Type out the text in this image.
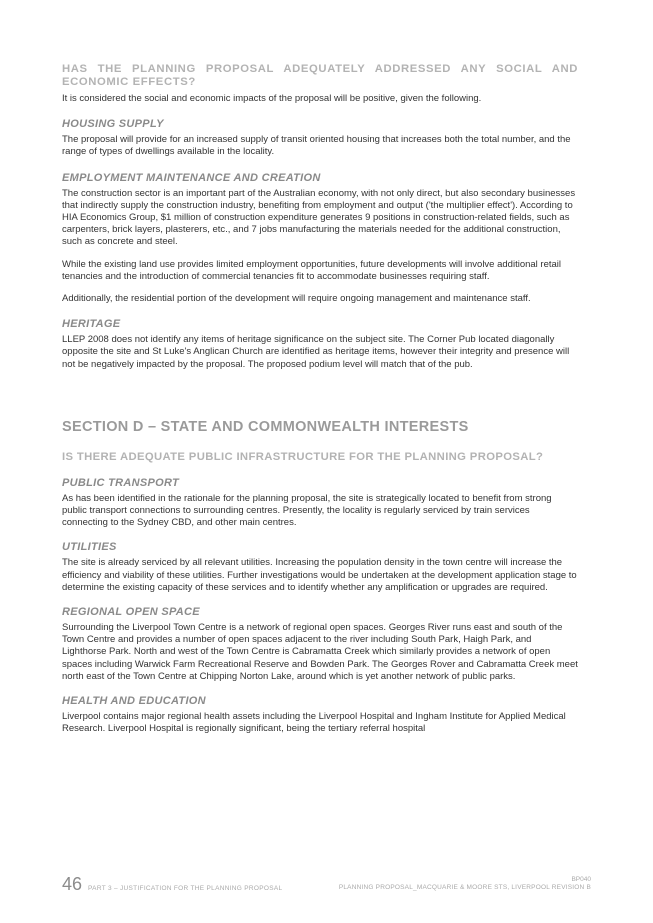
HAS THE PLANNING PROPOSAL ADEQUATELY ADDRESSED ANY SOCIAL AND ECONOMIC EFFECTS?

It is considered the social and economic impacts of the proposal will be positive, given the following.

HOUSING SUPPLY

The proposal will provide for an increased supply of transit oriented housing that increases both the total number, and the range of types of dwellings available in the locality.

EMPLOYMENT MAINTENANCE AND CREATION

The construction sector is an important part of the Australian economy, with not only direct, but also secondary businesses that indirectly supply the construction industry, benefiting from employment and output ('the multiplier effect'). According to HIA Economics Group, $1 million of construction expenditure generates 9 positions in construction-related fields, such as carpenters, brick layers, plasterers, etc., and 7 jobs manufacturing the materials needed for the additional construction, such as concrete and steel.

While the existing land use provides limited employment opportunities, future developments will involve additional retail tenancies and the introduction of commercial tenancies fit to accommodate businesses requiring staff.

Additionally, the residential portion of the development will require ongoing management and maintenance staff.

HERITAGE

LLEP 2008 does not identify any items of heritage significance on the subject site. The Corner Pub located diagonally opposite the site and St Luke's Anglican Church are identified as heritage items, however their integrity and presence will not be negatively impacted by the proposal. The proposed podium level will match that of the pub.

SECTION D – STATE AND COMMONWEALTH INTERESTS
IS THERE ADEQUATE PUBLIC INFRASTRUCTURE FOR THE PLANNING PROPOSAL?
PUBLIC TRANSPORT

As has been identified in the rationale for the planning proposal, the site is strategically located to benefit from strong public transport connections to surrounding centres. Presently, the locality is regularly serviced by train services connecting to the Sydney CBD, and other main centres.

UTILITIES

The site is already serviced by all relevant utilities. Increasing the population density in the town centre will increase the efficiency and viability of these utilities. Further investigations would be undertaken at the development application stage to determine the existing capacity of these services and to identify whether any amplification or upgrades are required.

REGIONAL OPEN SPACE

Surrounding the Liverpool Town Centre is a network of regional open spaces. Georges River runs east and south of the Town Centre and provides a number of open spaces adjacent to the river including South Park, Haigh Park, and Lighthorse Park. North and west of the Town Centre is Cabramatta Creek which similarly provides a network of open spaces including Warwick Farm Recreational Reserve and Bowden Park. The Georges Rover and Cabramatta Creek meet north east of the Town Centre at Chipping Norton Lake, around which is yet another network of public parks.

HEALTH AND EDUCATION

Liverpool contains major regional health assets including the Liverpool Hospital and Ingham Institute for Applied Medical Research. Liverpool Hospital is regionally significant, being the tertiary referral hospital

46 PART 3 – JUSTIFICATION FOR THE PLANNING PROPOSAL
BP040
PLANNING PROPOSAL_MACQUARIE & MOORE STS, LIVERPOOL REVISION B
